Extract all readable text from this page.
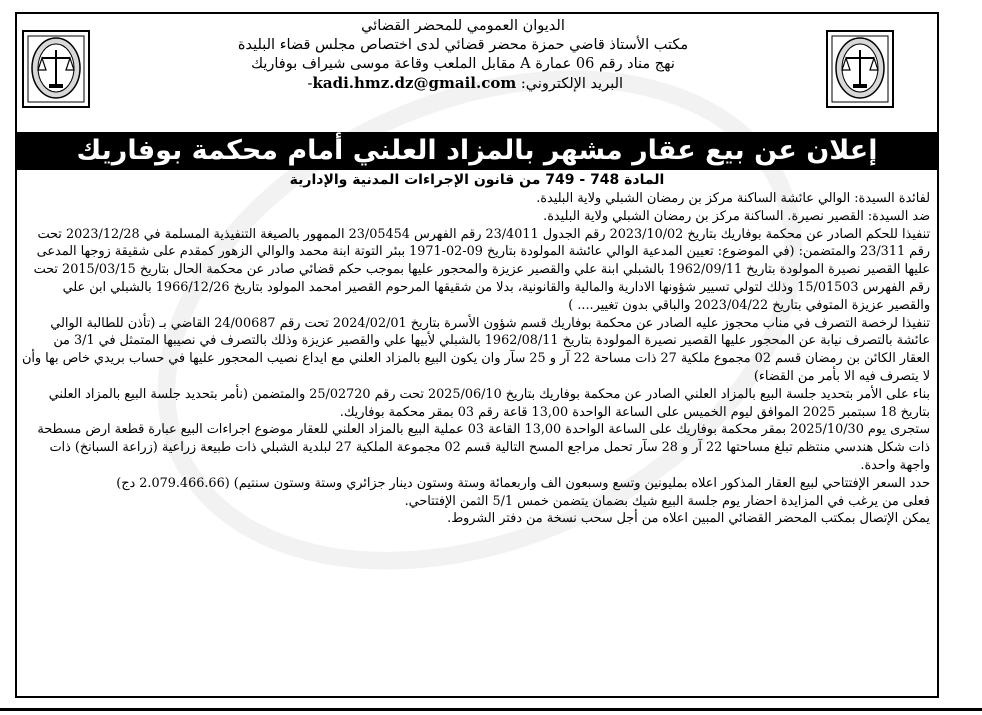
الديوان العمومي للمحضر القضائي
مكتب الأستاذ قاضي حمزة محضر قضائي لدى اختصاص مجلس قضاء البليدة
نهج مناد رقم 06 عمارة A مقابل الملعب وقاعة موسى شيراف بوفاريك
البريد الإلكتروني: kadi.hmz.dz@gmail.com -
إعلان عن بيع عقار مشهر بالمزاد العلني أمام محكمة بوفاريك
المادة 748 - 749 من قانون الإجراءات المدنية والإدارية

لفائدة السيدة: الوالي عائشة الساكنة مركز بن رمضان الشبلي ولاية البليدة.

ضد السيدة: القصير نصيرة. الساكنة مركز بن رمضان الشبلي ولاية البليدة.

تنفيذا للحكم الصادر عن محكمة بوفاريك بتاريخ 2023/10/02 رقم الجدول 23/4011 رقم الفهرس 23/05454 الممهور بالصيغة التنفيذية المسلمة في 2023/12/28 تحت رقم 23/311 والمتضمن: (في الموضوع: تعيين المدعية الوالي عائشة المولودة بتاريخ 09-02-1971 ببئر التوتة ابنة محمد والوالي الزهور كمقدم على شقيقة زوجها المدعى عليها القصير نصيرة المولودة بتاريخ 1962/09/11 بالشبلي ابنة علي والقصير عزيزة والمحجور عليها بموجب حكم قضائي صادر عن محكمة الحال بتاريخ 2015/03/15 تحت رقم الفهرس 15/01503 وذلك لتولي تسيير شؤونها الادارية والمالية والقانونية، بدلا من شقيقها المرحوم القصير امحمد المولود بتاريخ 1966/12/26 بالشبلي ابن علي والقصير عزيزة المتوفي بتاريخ 2023/04/22 والباقي بدون تغيير.... )

تنفيذا لرخصة التصرف في مناب محجوز عليه الصادر عن محكمة بوفاريك قسم شؤون الأسرة بتاريخ 2024/02/01 تحت رقم 24/00687 القاضي بـ (تأذن للطالبة الوالي عائشة بالتصرف نيابة عن المحجور عليها القصير نصيرة المولودة بتاريخ 1962/08/11 بالشبلي لأبيها علي والقصير عزيزة وذلك بالتصرف في نصيبها المتمثل في 3/1 من العقار الكائن بن رمضان قسم 02 مجموع ملكية 27 ذات مساحة 22 آر و 25 سآر وان يكون البيع بالمزاد العلني مع ايداع نصيب المحجور عليها في حساب بريدي خاص بها وأن لا يتصرف فيه الا بأمر من القضاء)

بناء على الأمر بتحديد جلسة البيع بالمزاد العلني الصادر عن محكمة بوفاريك بتاريخ 2025/06/10 تحت رقم 25/02720 والمتضمن (نأمر بتحديد جلسة البيع بالمزاد العلني بتاريخ 18 سبتمبر 2025 الموافق ليوم الخميس على الساعة الواحدة 13,00 قاعة رقم 03 بمقر محكمة بوفاريك.

ستجرى يوم 2025/10/30 بمقر محكمة بوفاريك على الساعة الواحدة 13,00 القاعة 03 عملية البيع بالمزاد العلني للعقار موضوع اجراءات البيع عبارة قطعة ارض مسطحة ذات شكل هندسي منتظم تبلغ مساحتها 22 آر و 28 سآر تحمل مراجع المسح التالية قسم 02 مجموعة الملكية 27 لبلدية الشبلي ذات طبيعة زراعية (زراعة السبانخ) ذات واجهة واحدة.

حدد السعر الإفتتاحي لبيع العقار المذكور اعلاه بمليونين وتسع وسبعون الف واربعمائة وستة وستون دينار جزائري وستة وستون سنتيم) (2.079.466.66 دج)

فعلى من يرغب في المزايدة احضار يوم جلسة البيع شيك بضمان يتضمن خمس 5/1 الثمن الإفتتاحي.

يمكن الإتصال بمكتب المحضر القضائي المبين اعلاه من أجل سحب نسخة من دفتر الشروط.
